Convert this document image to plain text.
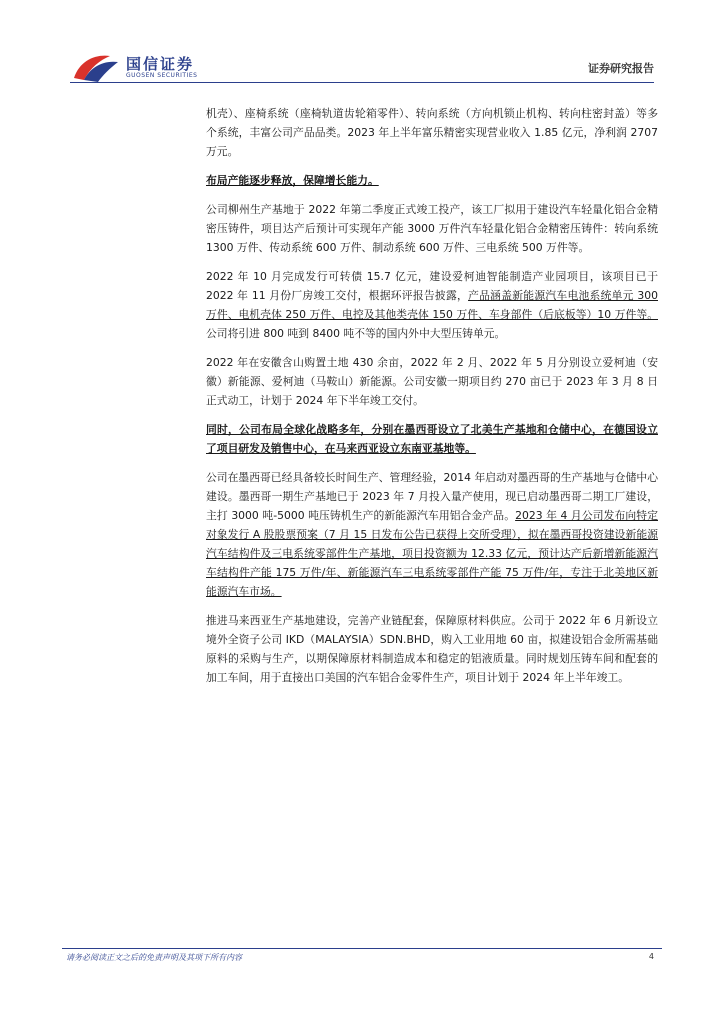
国信证券
GUOSEN SECURITIES
证券研究报告

机壳）、座椅系统（座椅轨道齿轮箱零件）、转向系统（方向机锁止机构、转向柱密封盖）等多个系统，丰富公司产品品类。2023 年上半年富乐精密实现营业收入 1.85 亿元，净利润 2707 万元。

布局产能逐步释放，保障增长能力。

公司柳州生产基地于 2022 年第二季度正式竣工投产，该工厂拟用于建设汽车轻量化铝合金精密压铸件，项目达产后预计可实现年产能 3000 万件汽车轻量化铝合金精密压铸件：转向系统 1300 万件、传动系统 600 万件、制动系统 600 万件、三电系统 500 万件等。

2022 年 10 月完成发行可转债 15.7 亿元，建设爱柯迪智能制造产业园项目，该项目已于 2022 年 11 月份厂房竣工交付，根据环评报告披露，产品涵盖新能源汽车电池系统单元 300 万件、电机壳体 250 万件、电控及其他类壳体 150 万件、车身部件（后底板等）10 万件等。公司将引进 800 吨到 8400 吨不等的国内外中大型压铸单元。

2022 年在安徽含山购置土地 430 余亩，2022 年 2 月、2022 年 5 月分别设立爱柯迪（安徽）新能源、爱柯迪（马鞍山）新能源。公司安徽一期项目约 270 亩已于 2023 年 3 月 8 日正式动工，计划于 2024 年下半年竣工交付。

同时，公司布局全球化战略多年，分别在墨西哥设立了北美生产基地和仓储中心，在德国设立了项目研发及销售中心，在马来西亚设立东南亚基地等。

公司在墨西哥已经具备较长时间生产、管理经验，2014 年启动对墨西哥的生产基地与仓储中心建设。墨西哥一期生产基地已于 2023 年 7 月投入量产使用，现已启动墨西哥二期工厂建设，主打 3000 吨-5000 吨压铸机生产的新能源汽车用铝合金产品。2023 年 4 月公司发布向特定对象发行 A 股股票预案（7 月 15 日发布公告已获得上交所受理），拟在墨西哥投资建设新能源汽车结构件及三电系统零部件生产基地，项目投资额为 12.33 亿元，预计达产后新增新能源汽车结构件产能 175 万件/年、新能源汽车三电系统零部件产能 75 万件/年，专注于北美地区新能源汽车市场。

推进马来西亚生产基地建设，完善产业链配套，保障原材料供应。公司于 2022 年 6 月新设立境外全资子公司 IKD（MALAYSIA）SDN.BHD，购入工业用地 60 亩，拟建设铝合金所需基础原料的采购与生产，以期保障原材料制造成本和稳定的铝液质量。同时规划压铸车间和配套的加工车间，用于直接出口美国的汽车铝合金零件生产，项目计划于 2024 年上半年竣工。

请务必阅读正文之后的免责声明及其项下所有内容	4
